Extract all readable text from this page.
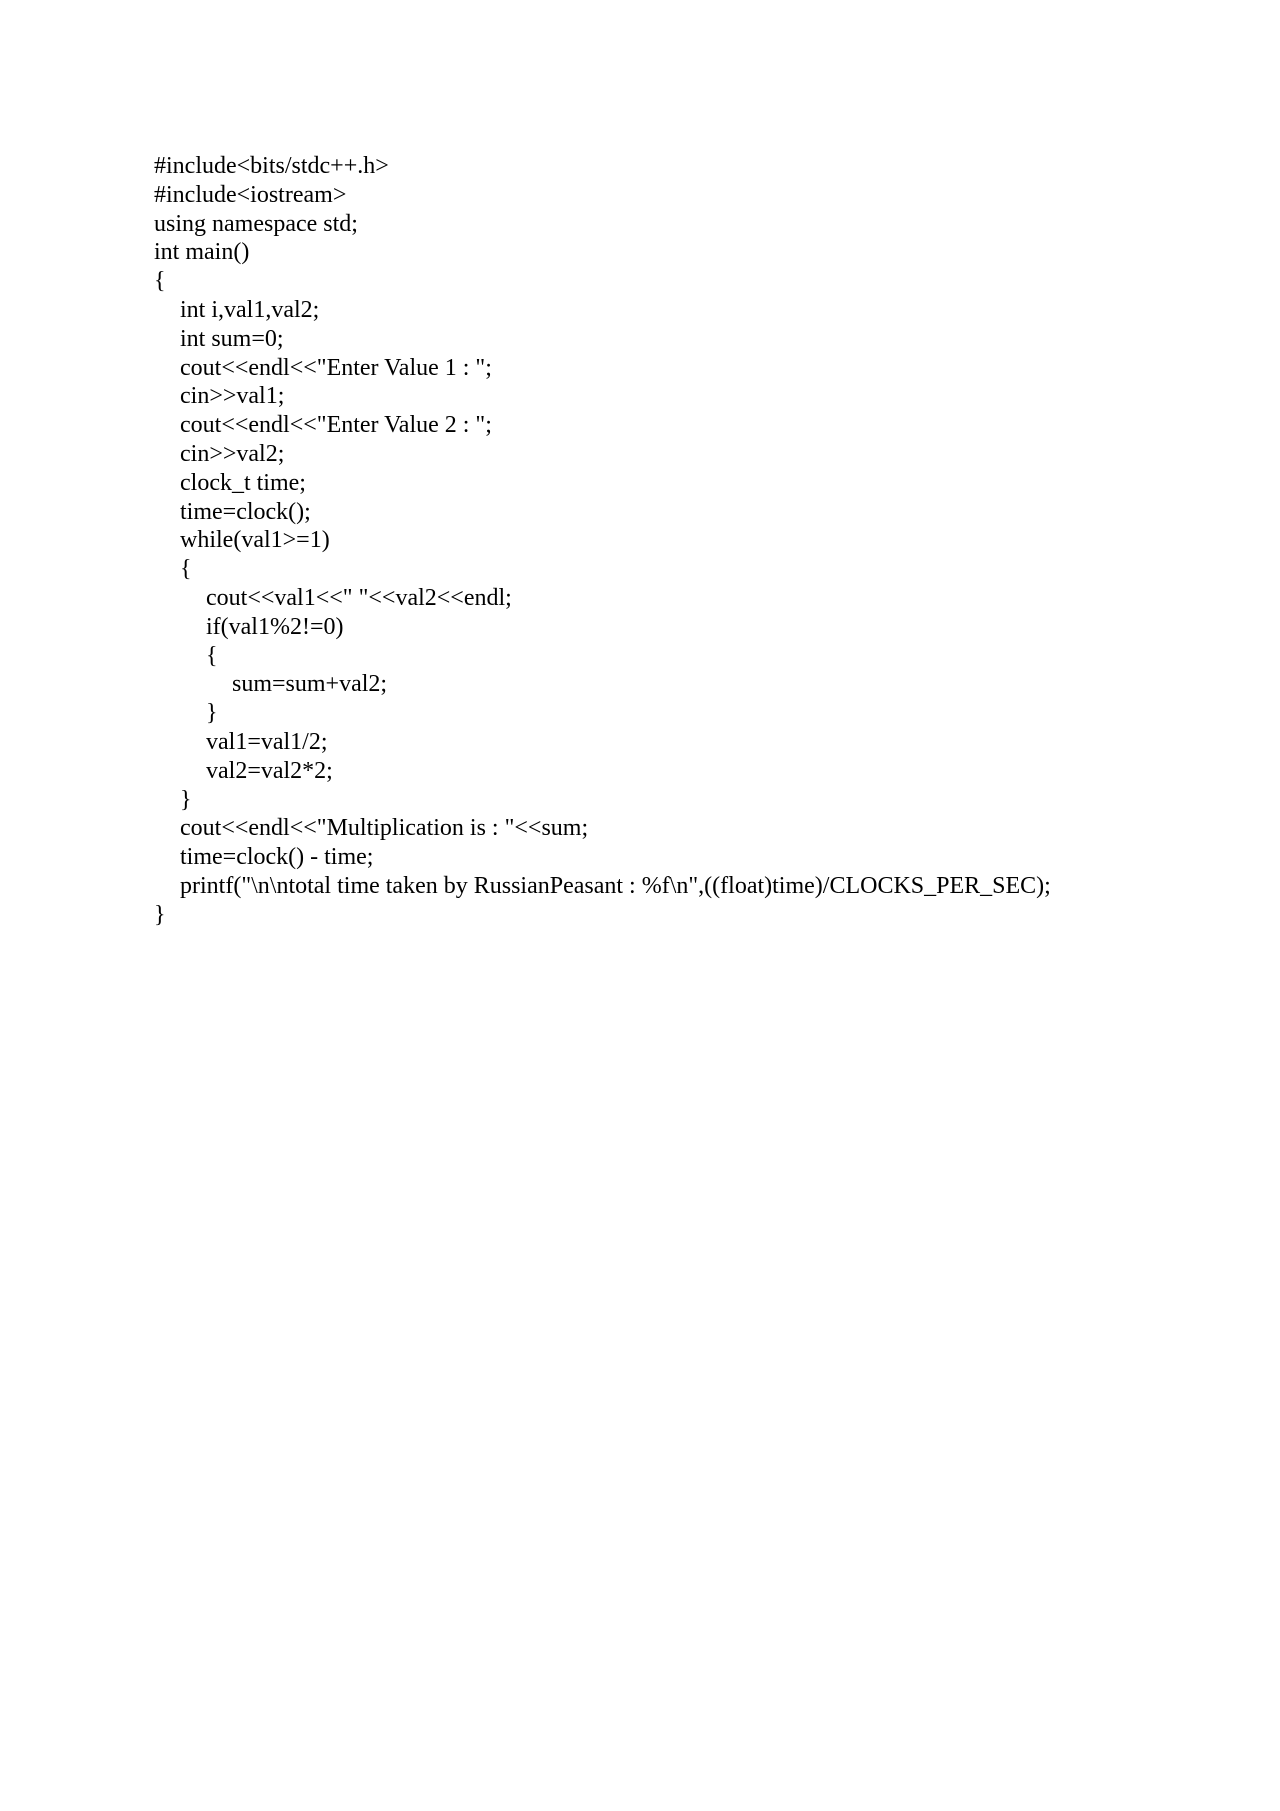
#include<bits/stdc++.h>
#include<iostream>
using namespace std;
int main()
{
int i,val1,val2;
int sum=0;
cout<<endl<<"Enter Value 1 : ";
cin>>val1;
cout<<endl<<"Enter Value 2 : ";
cin>>val2;
clock_t time;
time=clock();
while(val1>=1)
{
cout<<val1<<" "<<val2<<endl;
if(val1%2!=0)
{
sum=sum+val2;
}
val1=val1/2;
val2=val2*2;
}
cout<<endl<<"Multiplication is : "<<sum;
time=clock() - time;
printf("\n\ntotal time taken by RussianPeasant : %f\n",((float)time)/CLOCKS_PER_SEC);
}
